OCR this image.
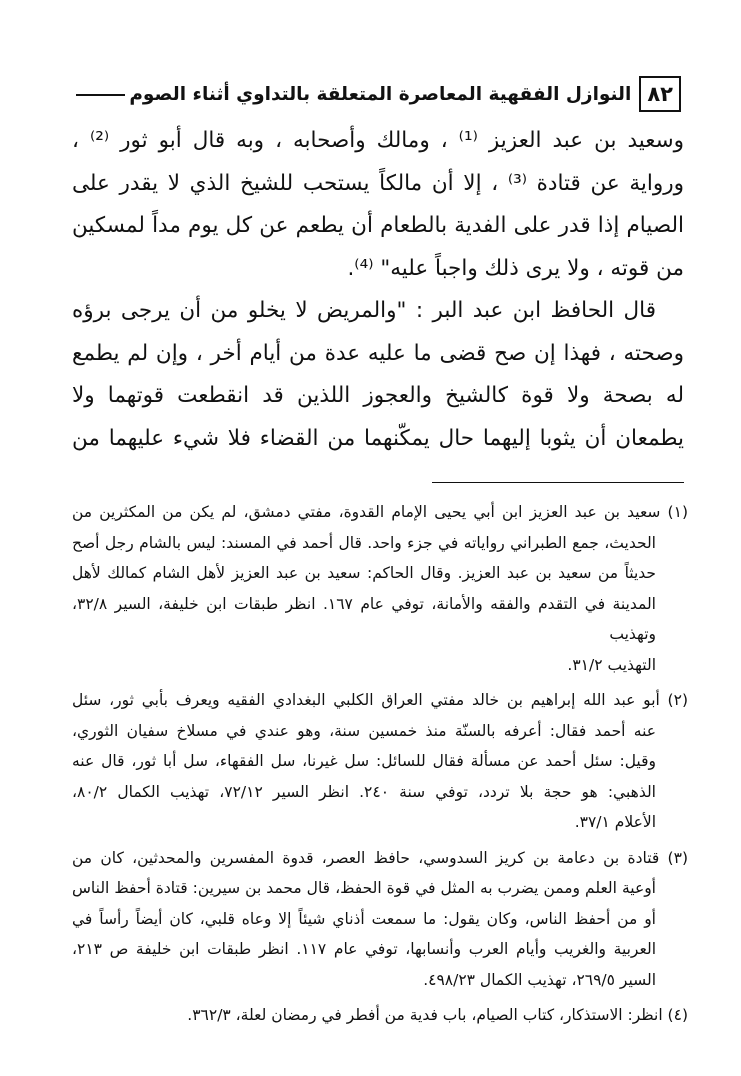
٨٢
النوازل الفقهية المعاصرة المتعلقة بالتداوي أثناء الصوم
وسعيد بن عبد العزيز ⁽¹⁾ ، ومالك وأصحابه ، وبه قال أبو ثور ⁽²⁾ ،
ورواية عن قتادة ⁽³⁾ ، إلا أن مالكاً يستحب للشيخ الذي لا يقدر على
الصيام إذا قدر على الفدية بالطعام أن يطعم عن كل يوم مداً لمسكين
من قوته ، ولا يرى ذلك واجباً عليه" ⁽⁴⁾.
قال الحافظ ابن عبد البر : "والمريض لا يخلو من أن يرجى برؤه
وصحته ، فهذا إن صح قضى ما عليه عدة من أيام أخر ، وإن لم يطمع
له بصحة ولا قوة كالشيخ والعجوز اللذين قد انقطعت قوتهما ولا
يطمعان أن يثوبا إليهما حال يمكّنهما من القضاء فلا شيء عليهما من
(١) سعيد بن عبد العزيز ابن أبي يحيى الإمام القدوة، مفتي دمشق، لم يكن من المكثرين من
الحديث، جمع الطبراني رواياته في جزء واحد. قال أحمد في المسند: ليس بالشام رجل أصح
حديثاً من سعيد بن عبد العزيز. وقال الحاكم: سعيد بن عبد العزيز لأهل الشام كمالك لأهل
المدينة في التقدم والفقه والأمانة، توفي عام ١٦٧. انظر طبقات ابن خليفة، السير ٣٢/٨، وتهذيب
التهذيب ٣١/٢.
(٢) أبو عبد الله إبراهيم بن خالد مفتي العراق الكلبي البغدادي الفقيه ويعرف بأبي ثور، سئل
عنه أحمد فقال: أعرفه بالسنّة منذ خمسين سنة، وهو عندي في مسلاخ سفيان الثوري،
وقيل: سئل أحمد عن مسألة فقال للسائل: سل غيرنا، سل الفقهاء، سل أبا ثور، قال عنه
الذهبي: هو حجة بلا تردد، توفي سنة ٢٤٠. انظر السير ٧٢/١٢، تهذيب الكمال ٨٠/٢،
الأعلام ٣٧/١.
(٣) قتادة بن دعامة بن كريز السدوسي، حافظ العصر، قدوة المفسرين والمحدثين، كان من
أوعية العلم وممن يضرب به المثل في قوة الحفظ، قال محمد بن سيرين: قتادة أحفظ الناس
أو من أحفظ الناس، وكان يقول: ما سمعت أذناي شيئاً إلا وعاه قلبي، كان أيضاً رأساً في
العربية والغريب وأيام العرب وأنسابها، توفي عام ١١٧. انظر طبقات ابن خليفة ص ٢١٣،
السير ٢٦٩/٥، تهذيب الكمال ٤٩٨/٢٣.
(٤) انظر: الاستذكار، كتاب الصيام، باب فدية من أفطر في رمضان لعلة، ٣٦٢/٣.
